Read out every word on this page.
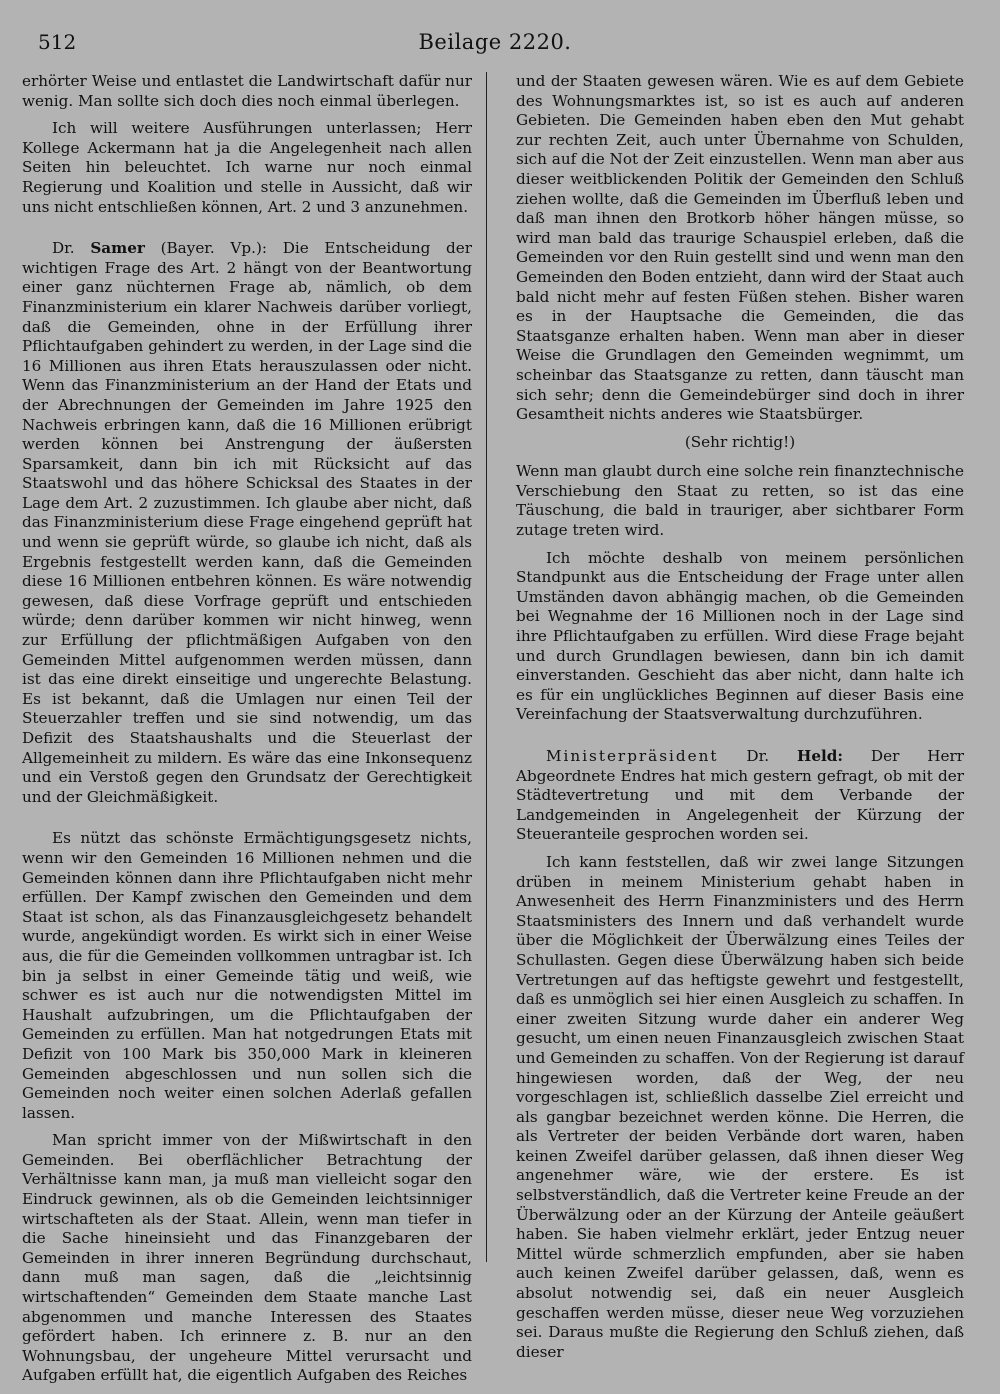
512	Beilage 2220.

erhörter Weise und entlastet die Landwirtschaft dafür nur wenig. Man sollte sich doch dies noch einmal überlegen.

Ich will weitere Ausführungen unterlassen; Herr Kollege Ackermann hat ja die Angelegenheit nach allen Seiten hin beleuchtet. Ich warne nur noch einmal Regierung und Koalition und stelle in Aussicht, daß wir uns nicht entschließen können, Art. 2 und 3 anzunehmen.

Dr. Samer (Bayer. Vp.): Die Entscheidung der wichtigen Frage des Art. 2 hängt von der Beantwortung einer ganz nüchternen Frage ab, nämlich, ob dem Finanzministerium ein klarer Nachweis darüber vorliegt, daß die Gemeinden, ohne in der Erfüllung ihrer Pflichtaufgaben gehindert zu werden, in der Lage sind die 16 Millionen aus ihren Etats herauszulassen oder nicht. Wenn das Finanzministerium an der Hand der Etats und der Abrechnungen der Gemeinden im Jahre 1925 den Nachweis erbringen kann, daß die 16 Millionen erübrigt werden können bei Anstrengung der äußersten Sparsamkeit, dann bin ich mit Rücksicht auf das Staatswohl und das höhere Schicksal des Staates in der Lage dem Art. 2 zuzustimmen. Ich glaube aber nicht, daß das Finanzministerium diese Frage eingehend geprüft hat und wenn sie geprüft würde, so glaube ich nicht, daß als Ergebnis festgestellt werden kann, daß die Gemeinden diese 16 Millionen entbehren können. Es wäre notwendig gewesen, daß diese Vorfrage geprüft und entschieden würde; denn darüber kommen wir nicht hinweg, wenn zur Erfüllung der pflichtmäßigen Aufgaben von den Gemeinden Mittel aufgenommen werden müssen, dann ist das eine direkt einseitige und ungerechte Belastung. Es ist bekannt, daß die Umlagen nur einen Teil der Steuerzahler treffen und sie sind notwendig, um das Defizit des Staatshaushalts und die Steuerlast der Allgemeinheit zu mildern. Es wäre das eine Inkonsequenz und ein Verstoß gegen den Grundsatz der Gerechtigkeit und der Gleichmäßigkeit.

Es nützt das schönste Ermächtigungsgesetz nichts, wenn wir den Gemeinden 16 Millionen nehmen und die Gemeinden können dann ihre Pflichtaufgaben nicht mehr erfüllen. Der Kampf zwischen den Gemeinden und dem Staat ist schon, als das Finanzausgleichgesetz behandelt wurde, angekündigt worden. Es wirkt sich in einer Weise aus, die für die Gemeinden vollkommen untragbar ist. Ich bin ja selbst in einer Gemeinde tätig und weiß, wie schwer es ist auch nur die notwendigsten Mittel im Haushalt aufzubringen, um die Pflichtaufgaben der Gemeinden zu erfüllen. Man hat notgedrungen Etats mit Defizit von 100 Mark bis 350,000 Mark in kleineren Gemeinden abgeschlossen und nun sollen sich die Gemeinden noch weiter einen solchen Aderlaß gefallen lassen.

Man spricht immer von der Mißwirtschaft in den Gemeinden. Bei oberflächlicher Betrachtung der Verhältnisse kann man, ja muß man vielleicht sogar den Eindruck gewinnen, als ob die Gemeinden leichtsinniger wirtschafteten als der Staat. Allein, wenn man tiefer in die Sache hineinsieht und das Finanzgebaren der Gemeinden in ihrer inneren Begründung durchschaut, dann muß man sagen, daß die „leichtsinnig wirtschaftenden“ Gemeinden dem Staate manche Last abgenommen und manche Interessen des Staates gefördert haben. Ich erinnere z. B. nur an den Wohnungsbau, der ungeheure Mittel verursacht und Aufgaben erfüllt hat, die eigentlich Aufgaben des Reiches

und der Staaten gewesen wären. Wie es auf dem Gebiete des Wohnungsmarktes ist, so ist es auch auf anderen Gebieten. Die Gemeinden haben eben den Mut gehabt zur rechten Zeit, auch unter Übernahme von Schulden, sich auf die Not der Zeit einzustellen. Wenn man aber aus dieser weitblickenden Politik der Gemeinden den Schluß ziehen wollte, daß die Gemeinden im Überfluß leben und daß man ihnen den Brotkorb höher hängen müsse, so wird man bald das traurige Schauspiel erleben, daß die Gemeinden vor den Ruin gestellt sind und wenn man den Gemeinden den Boden entzieht, dann wird der Staat auch bald nicht mehr auf festen Füßen stehen. Bisher waren es in der Hauptsache die Gemeinden, die das Staatsganze erhalten haben. Wenn man aber in dieser Weise die Grundlagen den Gemeinden wegnimmt, um scheinbar das Staatsganze zu retten, dann täuscht man sich sehr; denn die Gemeindebürger sind doch in ihrer Gesamtheit nichts anderes wie Staatsbürger.

(Sehr richtig!)

Wenn man glaubt durch eine solche rein finanztechnische Verschiebung den Staat zu retten, so ist das eine Täuschung, die bald in trauriger, aber sichtbarer Form zutage treten wird.

Ich möchte deshalb von meinem persönlichen Standpunkt aus die Entscheidung der Frage unter allen Umständen davon abhängig machen, ob die Gemeinden bei Wegnahme der 16 Millionen noch in der Lage sind ihre Pflichtaufgaben zu erfüllen. Wird diese Frage bejaht und durch Grundlagen bewiesen, dann bin ich damit einverstanden. Geschieht das aber nicht, dann halte ich es für ein unglückliches Beginnen auf dieser Basis eine Vereinfachung der Staatsverwaltung durchzuführen.

Ministerpräsident Dr. Held: Der Herr Abgeordnete Endres hat mich gestern gefragt, ob mit der Städtevertretung und mit dem Verbande der Landgemeinden in Angelegenheit der Kürzung der Steueranteile gesprochen worden sei.

Ich kann feststellen, daß wir zwei lange Sitzungen drüben in meinem Ministerium gehabt haben in Anwesenheit des Herrn Finanzministers und des Herrn Staatsministers des Innern und daß verhandelt wurde über die Möglichkeit der Überwälzung eines Teiles der Schullasten. Gegen diese Überwälzung haben sich beide Vertretungen auf das heftigste gewehrt und festgestellt, daß es unmöglich sei hier einen Ausgleich zu schaffen. In einer zweiten Sitzung wurde daher ein anderer Weg gesucht, um einen neuen Finanzausgleich zwischen Staat und Gemeinden zu schaffen. Von der Regierung ist darauf hingewiesen worden, daß der Weg, der neu vorgeschlagen ist, schließlich dasselbe Ziel erreicht und als gangbar bezeichnet werden könne. Die Herren, die als Vertreter der beiden Verbände dort waren, haben keinen Zweifel darüber gelassen, daß ihnen dieser Weg angenehmer wäre, wie der erstere. Es ist selbstverständlich, daß die Vertreter keine Freude an der Überwälzung oder an der Kürzung der Anteile geäußert haben. Sie haben vielmehr erklärt, jeder Entzug neuer Mittel würde schmerzlich empfunden, aber sie haben auch keinen Zweifel darüber gelassen, daß, wenn es absolut notwendig sei, daß ein neuer Ausgleich geschaffen werden müsse, dieser neue Weg vorzuziehen sei. Daraus mußte die Regierung den Schluß ziehen, daß dieser
